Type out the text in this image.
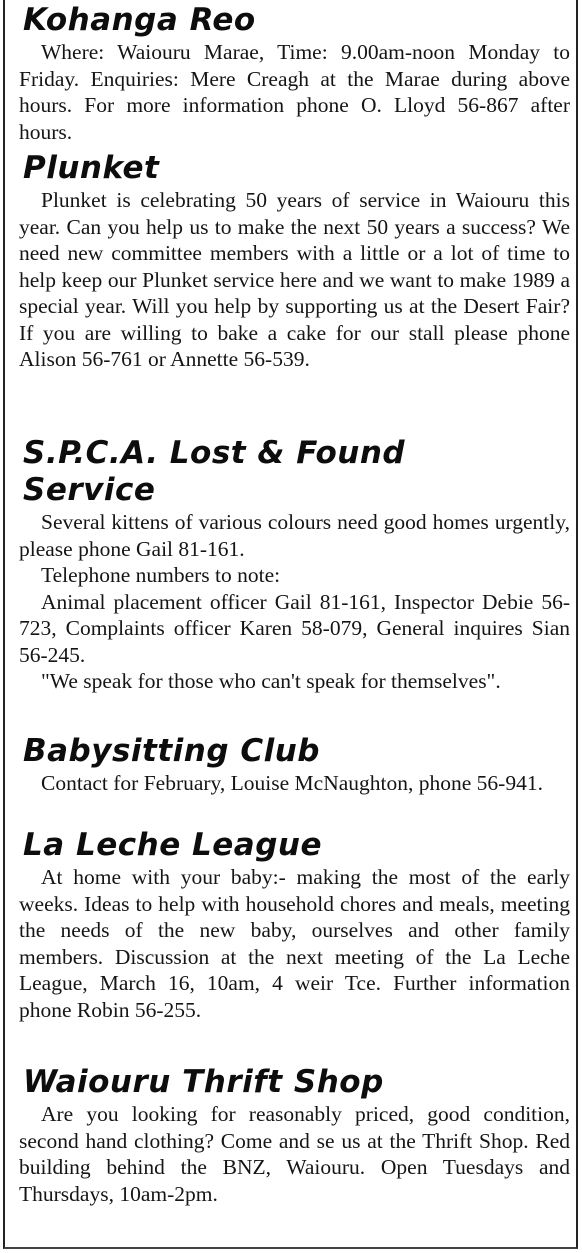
Kohanga Reo

Where: Waiouru Marae, Time: 9.00am-noon Monday to Friday. Enquiries: Mere Creagh at the Marae during above hours. For more information phone O. Lloyd 56-867 after hours.

Plunket

Plunket is celebrating 50 years of service in Waiouru this year. Can you help us to make the next 50 years a success? We need new committee members with a little or a lot of time to help keep our Plunket service here and we want to make 1989 a special year. Will you help by supporting us at the Desert Fair? If you are willing to bake a cake for our stall please phone Alison 56-761 or Annette 56-539.

S.P.C.A. Lost & Found
Service

Several kittens of various colours need good homes urgently, please phone Gail 81-161.

Telephone numbers to note:

Animal placement officer Gail 81-161, Inspector Debie 56-723, Complaints officer Karen 58-079, General inquires Sian 56-245.

"We speak for those who can't speak for themselves".

Babysitting Club

Contact for February, Louise McNaughton, phone 56-941.

La Leche League

At home with your baby:- making the most of the early weeks. Ideas to help with household chores and meals, meeting the needs of the new baby, ourselves and other family members. Discussion at the next meeting of the La Leche League, March 16, 10am, 4 weir Tce. Further information phone Robin 56-255.

Waiouru Thrift Shop

Are you looking for reasonably priced, good condition, second hand clothing? Come and se us at the Thrift Shop. Red building behind the BNZ, Waiouru. Open Tuesdays and Thursdays, 10am-2pm.
